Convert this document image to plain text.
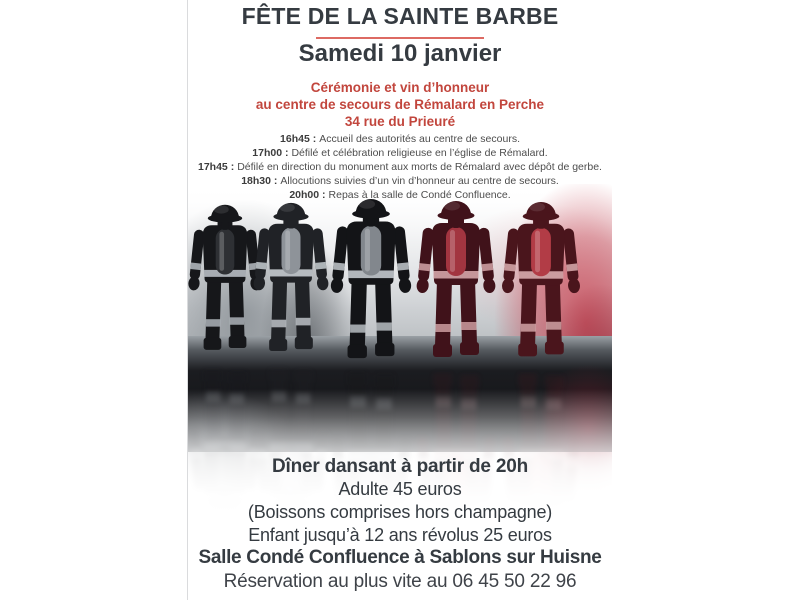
FÊTE DE LA SAINTE BARBE
Samedi 10 janvier
Cérémonie et vin d’honneur
au centre de secours de Rémalard en Perche
34 rue du Prieuré
16h45 : Accueil des autorités au centre de secours.
17h00 : Défilé et célébration religieuse en l’église de Rémalard.
17h45 : Défilé en direction du monument aux morts de Rémalard avec dépôt de gerbe.
18h30 : Allocutions suivies d’un vin d’honneur au centre de secours.
20h00 : Repas à la salle de Condé Confluence.
Dîner dansant à partir de 20h
Adulte 45 euros
(Boissons comprises hors champagne)
Enfant jusqu’à 12 ans révolus 25 euros
Salle Condé Confluence à Sablons sur Huisne
Réservation au plus vite au 06 45 50 22 96
